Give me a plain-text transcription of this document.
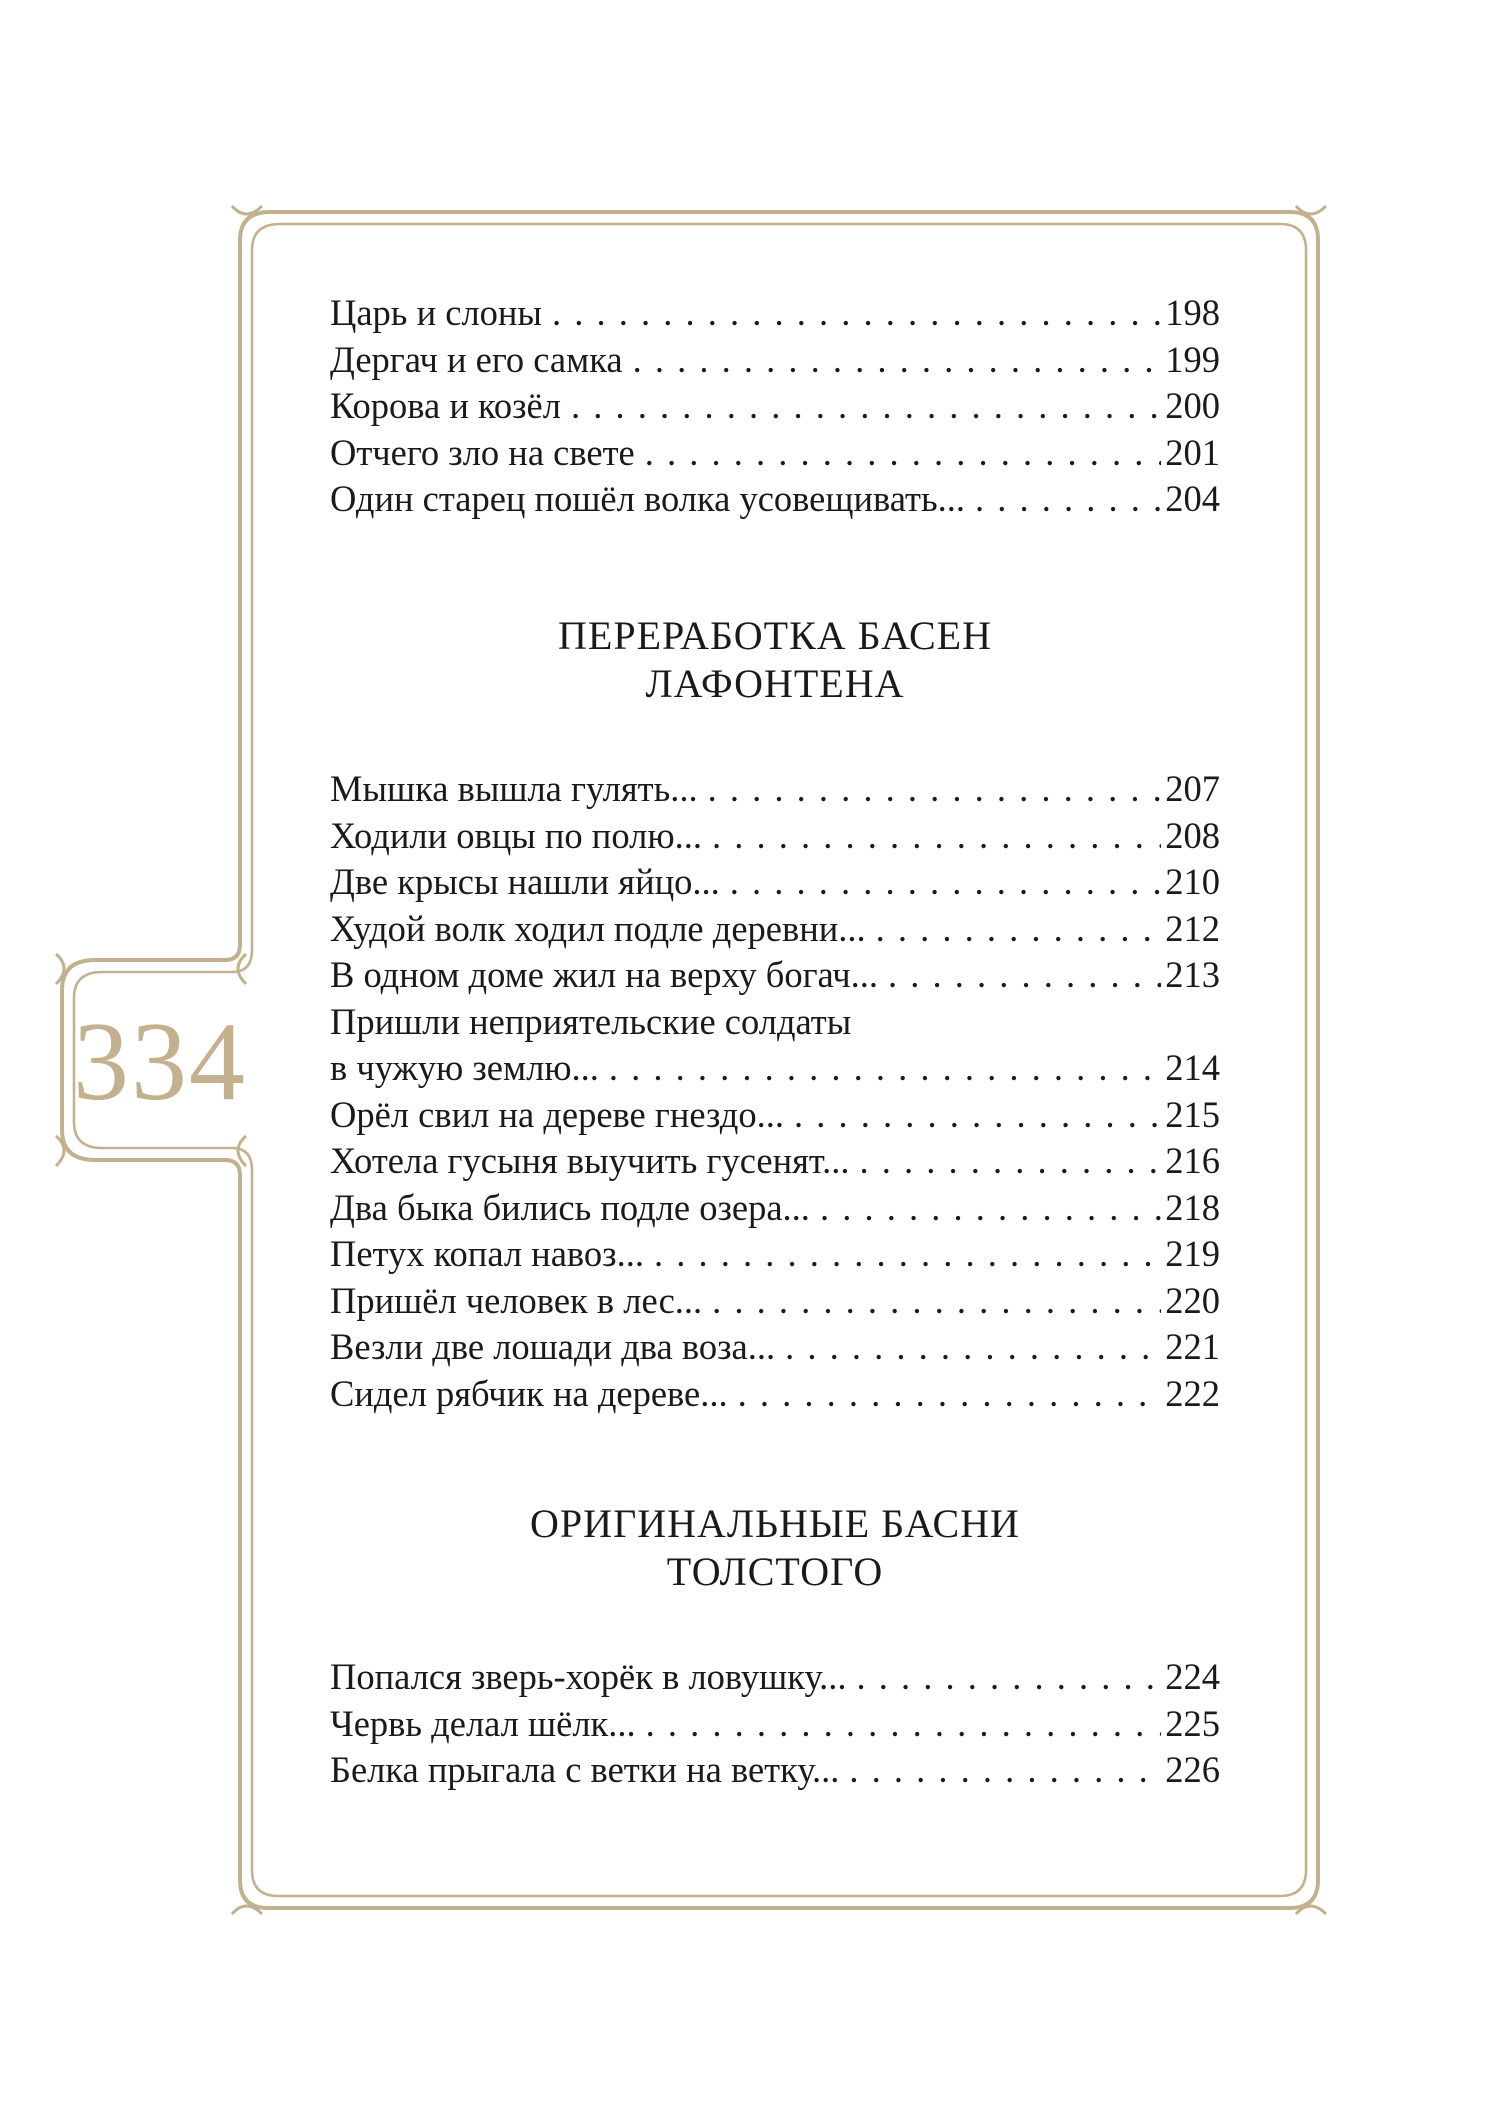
334
Царь и слоны . . .	198
Дергач и его самка . . .	199
Корова и козёл . . .	200
Отчего зло на свете . . .	201
Один старец пошёл волка усовещивать... . . .	204
ПЕРЕРАБОТКА БАСЕН
ЛАФОНТЕНА
Мышка вышла гулять... . . .	207
Ходили овцы по полю... . . .	208
Две крысы нашли яйцо... . . .	210
Худой волк ходил подле деревни... . . .	212
В одном доме жил на верху богач... . . .	213
Пришли неприятельские солдаты
в чужую землю... . . .	214
Орёл свил на дереве гнездо... . . .	215
Хотела гусыня выучить гусенят... . . .	216
Два быка бились подле озера... . . .	218
Петух копал навоз... . . .	219
Пришёл человек в лес... . . .	220
Везли две лошади два воза... . . .	221
Сидел рябчик на дереве... . . .	222
ОРИГИНАЛЬНЫЕ БАСНИ
ТОЛСТОГО
Попался зверь-хорёк в ловушку... . . .	224
Червь делал шёлк... . . .	225
Белка прыгала с ветки на ветку... . . .	226
